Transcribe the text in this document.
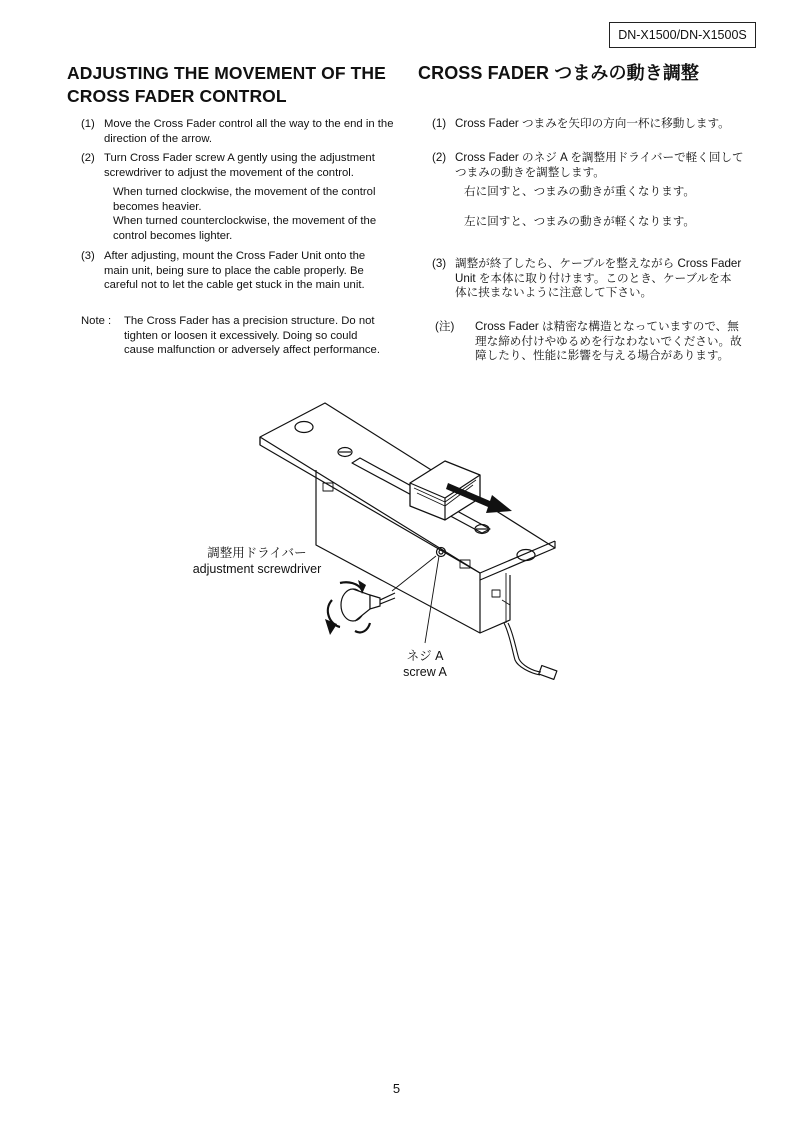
DN-X1500/DN-X1500S
ADJUSTING THE MOVEMENT OF THE
CROSS FADER CONTROL
(1) Move the Cross Fader control all the way to the end in the
direction of the arrow.
(2) Turn Cross Fader screw A gently using the adjustment
screwdriver to adjust the movement of the control.
When turned clockwise, the movement of the control
becomes heavier.
When turned counterclockwise, the movement of the
control becomes lighter.
(3) After adjusting, mount the Cross Fader Unit onto the
main unit, being sure to place the cable properly. Be
careful not to let the cable get stuck in the main unit.
Note : The Cross Fader has a precision structure. Do not
tighten or loosen it excessively. Doing so could
cause malfunction or adversely affect performance.
CROSS FADER つまみの動き調整
(1) Cross Fader つまみを矢印の方向一杯に移動します。
(2) Cross Fader のネジ A を調整用ドライバーで軽く回して
つまみの動きを調整します。
右に回すと、つまみの動きが重くなります。
左に回すと、つまみの動きが軽くなります。
(3) 調整が終了したら、ケーブルを整えながら Cross Fader
Unit を本体に取り付けます。このとき、ケーブルを本
体に挟まないように注意して下さい。
(注) Cross Fader は精密な構造となっていますので、無
理な締め付けやゆるめを行なわないでください。故
障したり、性能に影響を与える場合があります。
調整用ドライバー
adjustment screwdriver
ネジ A
screw A
5
